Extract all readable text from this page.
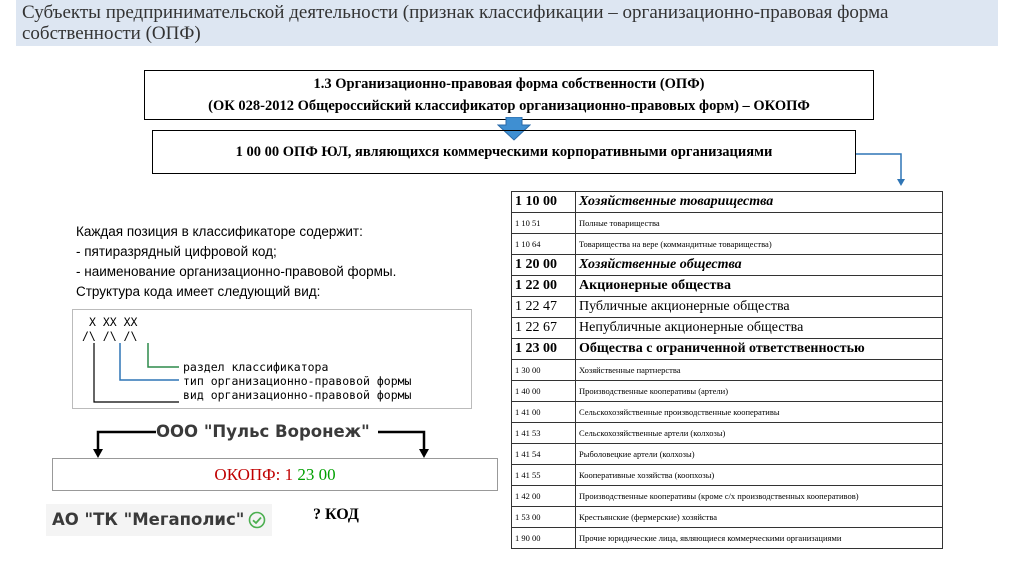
Субъекты предпринимательской деятельности (признак классификации – организационно-правовая форма собственности (ОПФ)
1.3 Организационно-правовая форма собственности (ОПФ)
(ОК 028-2012 Общероссийский классификатор организационно-правовых форм) – ОКОПФ
1 00 00 ОПФ ЮЛ, являющихся коммерческими корпоративными организациями
Каждая позиция в классификаторе содержит:
- пятиразрядный цифровой код;
- наименование организационно-правовой формы.
Структура кода имеет следующий вид:
X XX XX
/\ /\ /\
раздел классификатора
тип организационно-правовой формы
вид организационно-правовой формы
ООО "Пульс Воронеж"
ОКОПФ: 1 23 00
АО "ТК "Мегаполис"	? КОД
1 10 00	Хозяйственные товарищества
1 10 51	Полные товарищества
1 10 64	Товарищества на вере (коммандитные товарищества)
1 20 00	Хозяйственные общества
1 22 00	Акционерные общества
1 22 47	Публичные акционерные общества
1 22 67	Непубличные акционерные общества
1 23 00	Общества с ограниченной ответственностью
1 30 00	Хозяйственные партнерства
1 40 00	Производственные кооперативы (артели)
1 41 00	Сельскохозяйственные производственные кооперативы
1 41 53	Сельскохозяйственные артели (колхозы)
1 41 54	Рыболовецкие артели (колхозы)
1 41 55	Кооперативные хозяйства (коопхозы)
1 42 00	Производственные кооперативы (кроме с/х производственных кооперативов)
1 53 00	Крестьянские (фермерские) хозяйства
1 90 00	Прочие юридические лица, являющиеся коммерческими организациями
